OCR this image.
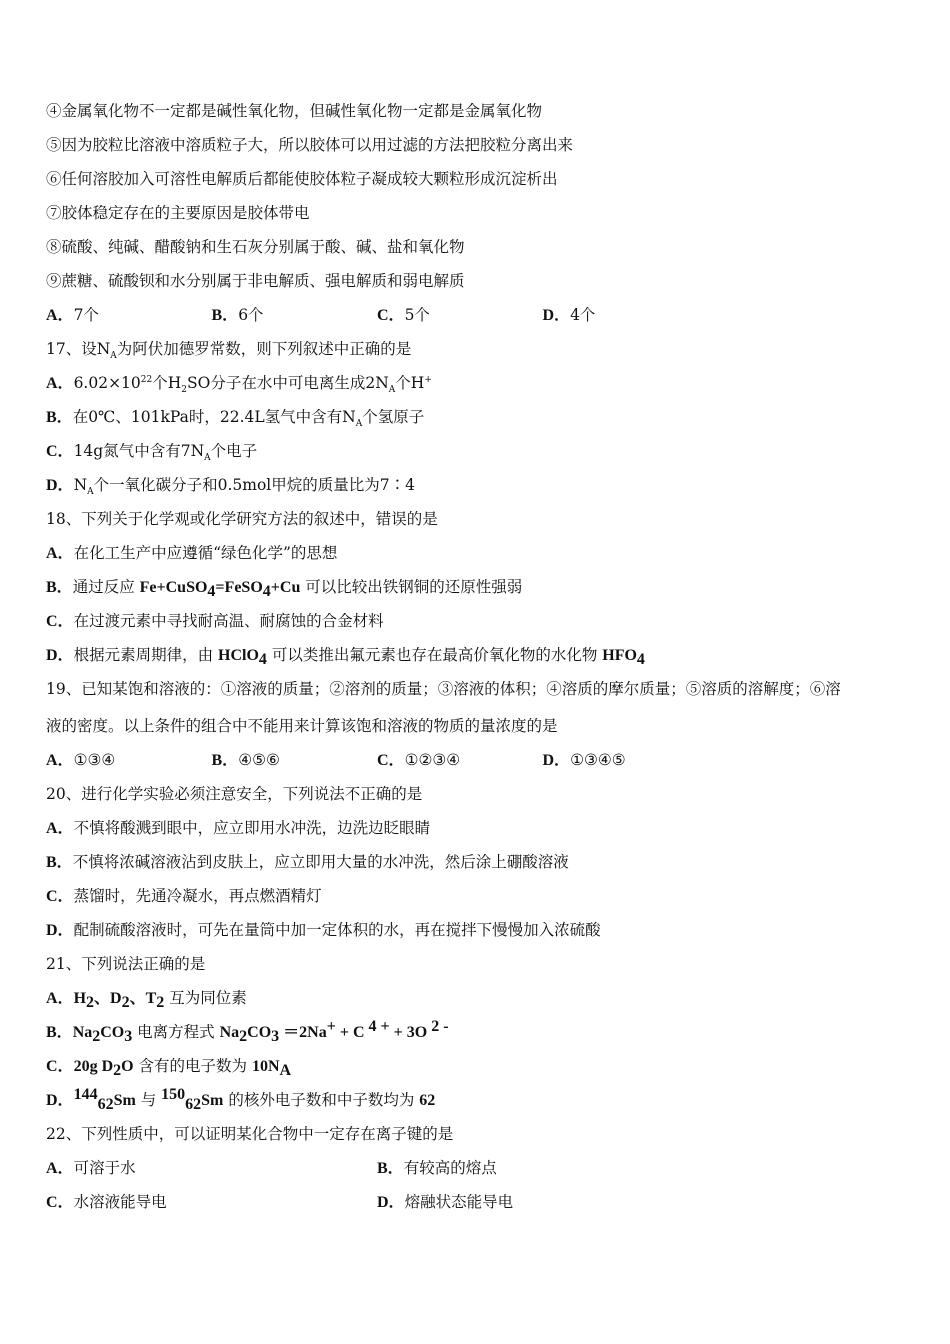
④金属氧化物不一定都是碱性氧化物，但碱性氧化物一定都是金属氧化物
⑤因为胶粒比溶液中溶质粒子大，所以胶体可以用过滤的方法把胶粒分离出来
⑥任何溶胶加入可溶性电解质后都能使胶体粒子凝成较大颗粒形成沉淀析出
⑦胶体稳定存在的主要原因是胶体带电
⑧硫酸、纯碱、醋酸钠和生石灰分别属于酸、碱、盐和氧化物
⑨蔗糖、硫酸钡和水分别属于非电解质、强电解质和弱电解质
A．7个	B．6个	C．5个	D．4个
17、设$N_A$为阿伏加德罗常数，则下列叙述中正确的是
A．$6.02\times 10^{22}$个$H_2SO$分子在水中可电离生成$2N_A$个H+
B．在0℃、101kPa时，22.4L氢气中含有$N_A$个氢原子
C．14g氮气中含有$7N_A$个电子
D．$N_A$个一氧化碳分子和0.5mol甲烷的质量比为7∶4
18、下列关于化学观或化学研究方法的叙述中，错误的是
A．在化工生产中应遵循“绿色化学”的思想
B．通过反应 Fe+CuSO$_4$=FeSO$_4$+Cu 可以比较出铁钢铜的还原性强弱
C．在过渡元素中寻找耐高温、耐腐蚀的合金材料
D．根据元素周期律，由 HClO$_4$ 可以类推出氟元素也存在最高价氧化物的水化物 $HFO_4$
19、已知某饱和溶液的：①溶液的质量；②溶剂的质量；③溶液的体积；④溶质的摩尔质量；⑤溶质的溶解度；⑥溶
液的密度。以上条件的组合中不能用来计算该饱和溶液的物质的量浓度的是
A．①③④	B．④⑤⑥	C．①②③④	D．①③④⑤
20、进行化学实验必须注意安全，下列说法不正确的是
A．不慎将酸溅到眼中，应立即用水冲洗，边洗边眨眼睛
B．不慎将浓碱溶液沾到皮肤上，应立即用大量的水冲洗，然后涂上硼酸溶液
C．蒸馏时，先通冷凝水，再点燃酒精灯
D．配制硫酸溶液时，可先在量筒中加一定体积的水，再在搅拌下慢慢加入浓硫酸
21、下列说法正确的是
A．$H_2$、$D_2$、$T_2$ 互为同位素
B．$Na_2CO_3$ 电离方程式 $Na_2CO_3 =2Na^+ + C$ $^{4 +}$ + 3O $^{2 -}$
C．20g $D_2O$ 含有的电子数为 $10N_A$
D．$^{144}_{62}$Sm 与 $^{150}_{62}$Sm 的核外电子数和中子数均为 62
22、下列性质中，可以证明某化合物中一定存在离子键的是
A．可溶于水	B．有较高的熔点
C．水溶液能导电	D．熔融状态能导电
